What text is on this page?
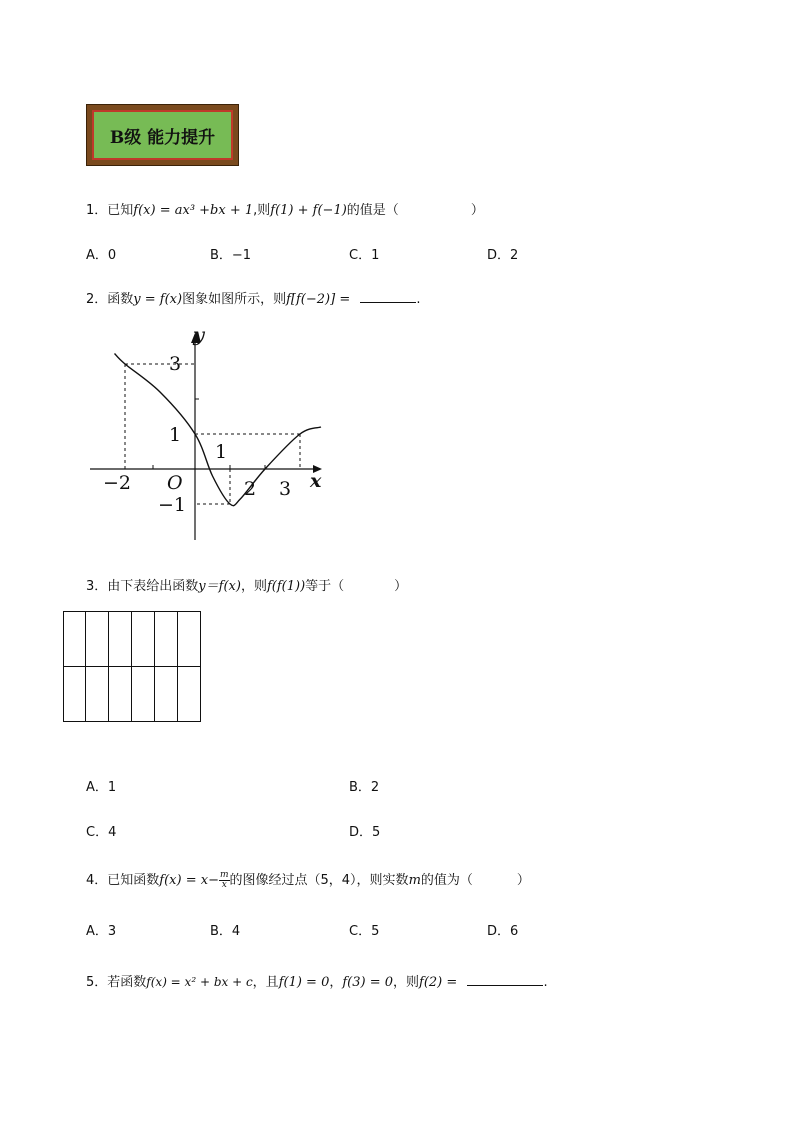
B级 能力提升
1．已知f(x) = ax³ +bx + 1,则f(1) + f(−1)的值是（	）
A．0	B．−1	C．1	D．2
2．函数y = f(x)图象如图所示，则f[f(−2)] =	.
y
x
O
−2
1
2 3
3
1
−1
3．由下表给出函数y＝f(x)，则f(f(1))等于（	）

A．1	B．2
C．4	D．5
4．已知函数$f(x) = x- \frac{m}{x}$ 的图像经过点（5，4），则实数m的值为（	）
A．3	B．4	C．5	D．6
5．若函数f(x) = x² + bx + c，且f(1) = 0，f(3) = 0，则f(2) =	.
